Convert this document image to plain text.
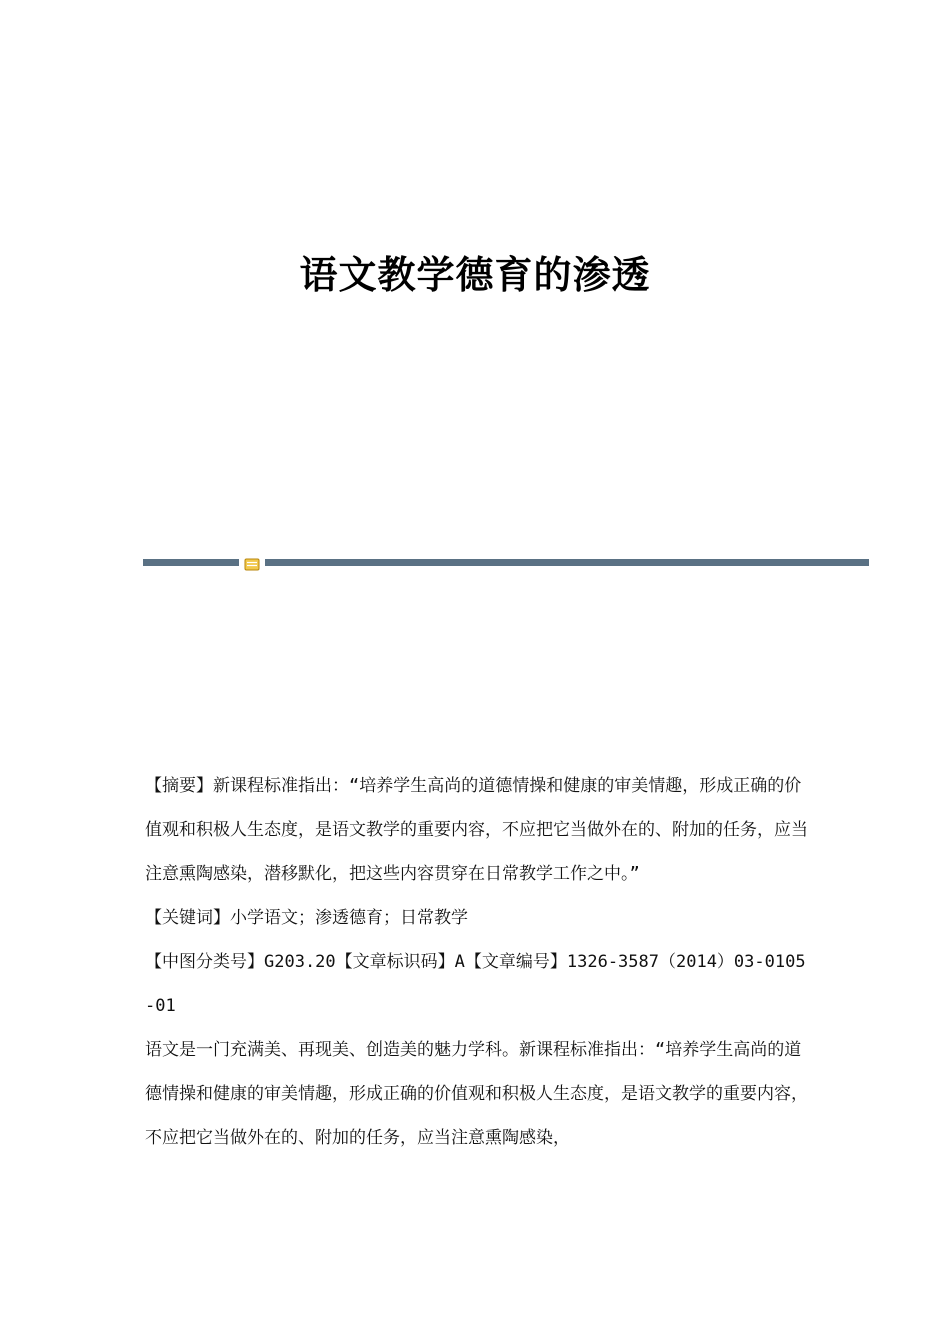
语文教学德育的渗透

【摘要】新课程标准指出：“培养学生高尚的道德情操和健康的审美情趣，形成正确的价值观和积极人生态度，是语文教学的重要内容，不应把它当做外在的、附加的任务，应当注意熏陶感染，潜移默化，把这些内容贯穿在日常教学工作之中。”

【关键词】小学语文；渗透德育；日常教学

【中图分类号】G203.20【文章标识码】A【文章编号】1326-3587（2014）03-0105-01

语文是一门充满美、再现美、创造美的魅力学科。新课程标准指出：“培养学生高尚的道德情操和健康的审美情趣，形成正确的价值观和积极人生态度，是语文教学的重要内容，不应把它当做外在的、附加的任务，应当注意熏陶感染，
